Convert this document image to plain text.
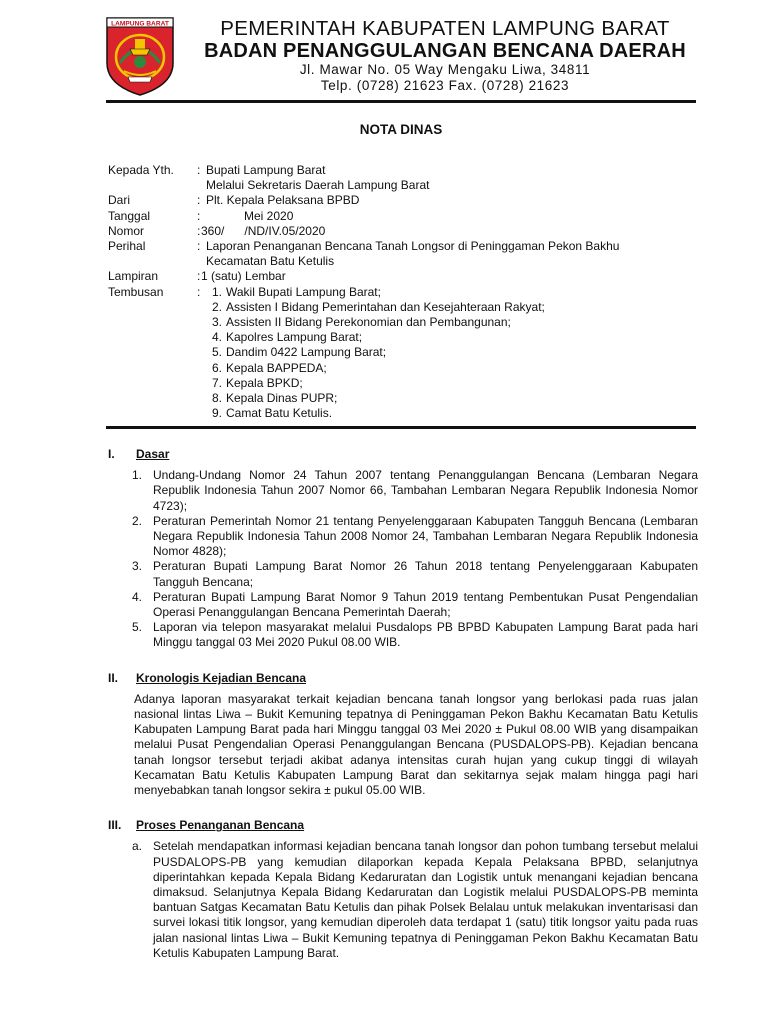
LAMPUNG BARAT	PEMERINTAH KABUPATEN LAMPUNG BARAT
BADAN PENANGGULANGAN BENCANA DAERAH
Jl. Mawar No. 05 Way Mengaku Liwa, 34811
Telp. (0728) 21623 Fax. (0728) 21623
NOTA DINAS
Kepada Yth.	: Bupati Lampung Barat

Melalui Sekretaris Daerah Lampung Barat

Dari	: Plt. Kepala Pelaksana BPBD
Tanggal	:	Mei 2020
Nomor	: 360/      /ND/IV.05/2020
Perihal	: Laporan Penanganan Bencana Tanah Longsor di Peninggaman Pekon Bakhu Kecamatan Batu Ketulis
Lampiran	: 1 (satu) Lembar
Tembusan	: 1. Wakil Bupati Lampung Barat;
2. Assisten I Bidang Pemerintahan dan Kesejahteraan Rakyat;
3. Assisten II Bidang Perekonomian dan Pembangunan;
4. Kapolres Lampung Barat;
5. Dandim 0422 Lampung Barat;
6. Kepala BAPPEDA;
7. Kepala BPKD;
8. Kepala Dinas PUPR;
9. Camat Batu Ketulis.
I.	Dasar
1. Undang-Undang Nomor 24 Tahun 2007 tentang Penanggulangan Bencana (Lembaran Negara Republik Indonesia Tahun 2007 Nomor 66, Tambahan Lembaran Negara Republik Indonesia Nomor 4723);
2. Peraturan Pemerintah Nomor 21 tentang Penyelenggaraan Kabupaten Tangguh Bencana (Lembaran Negara Republik Indonesia Tahun 2008 Nomor 24, Tambahan Lembaran Negara Republik Indonesia Nomor 4828);
3. Peraturan Bupati Lampung Barat Nomor 26 Tahun 2018 tentang Penyelenggaraan Kabupaten Tangguh Bencana;
4. Peraturan Bupati Lampung Barat Nomor 9 Tahun 2019 tentang Pembentukan Pusat Pengendalian Operasi Penanggulangan Bencana Pemerintah Daerah;
5. Laporan via telepon masyarakat melalui Pusdalops PB BPBD Kabupaten Lampung Barat pada hari Minggu tanggal 03 Mei 2020 Pukul 08.00 WIB.
II.	Kronologis Kejadian Bencana

Adanya laporan masyarakat terkait kejadian bencana tanah longsor yang berlokasi pada ruas jalan nasional lintas Liwa – Bukit Kemuning tepatnya di Peninggaman Pekon Bakhu Kecamatan Batu Ketulis Kabupaten Lampung Barat pada hari Minggu tanggal 03 Mei 2020 ± Pukul 08.00 WIB yang disampaikan melalui Pusat Pengendalian Operasi Penanggulangan Bencana (PUSDALOPS-PB). Kejadian bencana tanah longsor tersebut terjadi akibat adanya intensitas curah hujan yang cukup tinggi di wilayah Kecamatan Batu Ketulis Kabupaten Lampung Barat dan sekitarnya sejak malam hingga pagi hari menyebabkan tanah longsor sekira ± pukul 05.00 WIB.

III.	Proses Penanganan Bencana
a. Setelah mendapatkan informasi kejadian bencana tanah longsor dan pohon tumbang tersebut melalui PUSDALOPS-PB yang kemudian dilaporkan kepada Kepala Pelaksana BPBD, selanjutnya diperintahkan kepada Kepala Bidang Kedaruratan dan Logistik untuk menangani kejadian bencana dimaksud. Selanjutnya Kepala Bidang Kedaruratan dan Logistik melalui PUSDALOPS-PB meminta bantuan Satgas Kecamatan Batu Ketulis dan pihak Polsek Belalau untuk melakukan inventarisasi dan survei lokasi titik longsor, yang kemudian diperoleh data terdapat 1 (satu) titik longsor yaitu pada ruas jalan nasional lintas Liwa – Bukit Kemuning tepatnya di Peninggaman Pekon Bakhu Kecamatan Batu Ketulis Kabupaten Lampung Barat.
